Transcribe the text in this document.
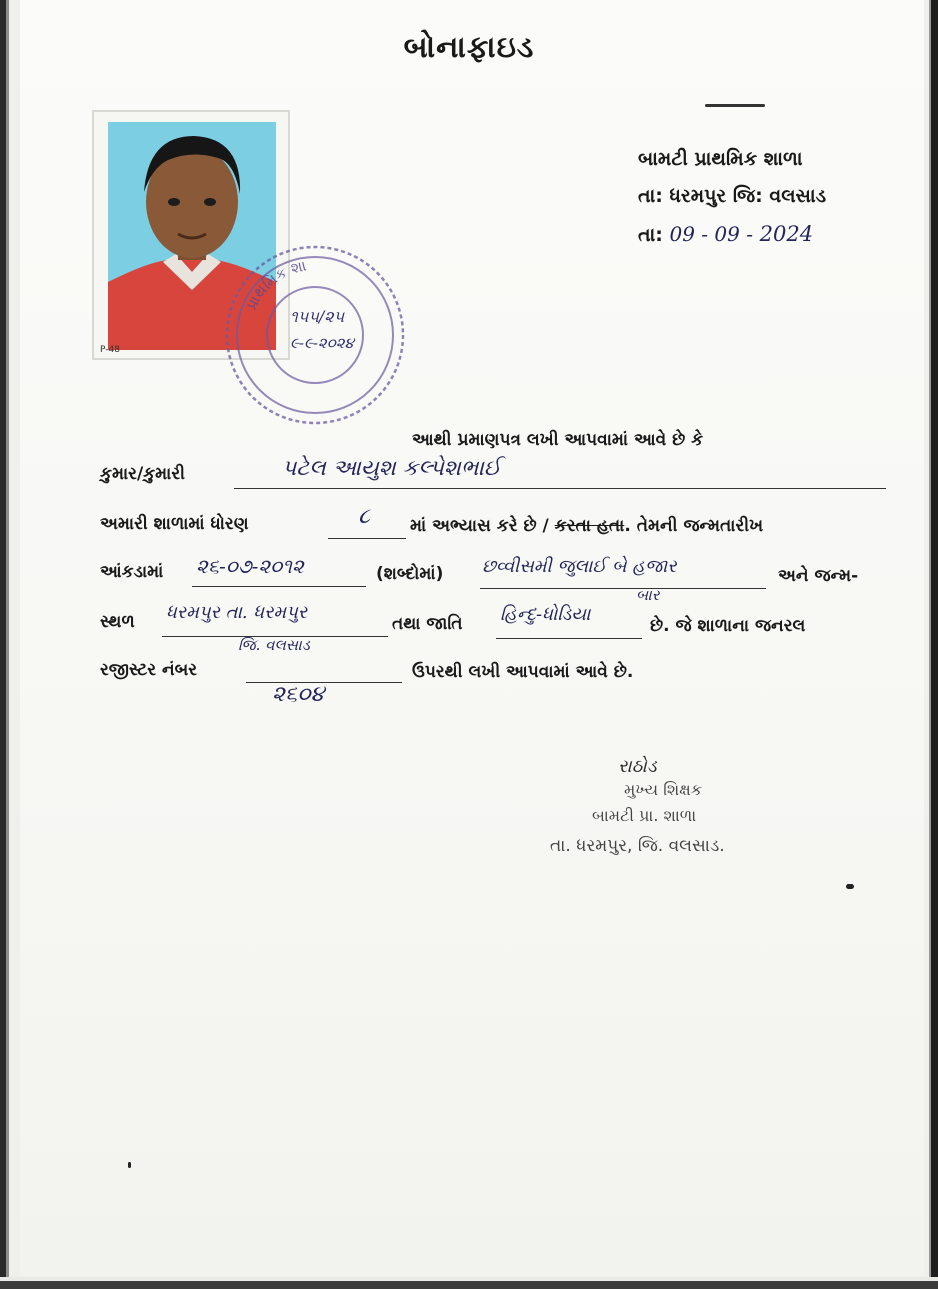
બોનાફાઇડ
બામટી પ્રાથમિક શાળા
તા: ધરમપુર જિ: વલસાડ
તા: 09 - 09 - 2024
P-48
પ્રાથમિક શા
૧૫૫/૨૫
૯-૯-૨૦૨૪
આથી પ્રમાણપત્ર લખી આપવામાં આવે છે કે
કુમાર/કુમારી	પટેલ આયુશ કલ્પેશભાઈ
અમારી શાળામાં ધોરણ	૮ માં અભ્યાસ કરે છે / કરતા હતા. તેમની જન્મતારીખ
આંકડામાં ૨૬-૦૭-૨૦૧૨	(શબ્દોમાં) છવ્વીસમી જુલાઈ બે હજાર
બાર
અને જન્મ-
સ્થળ ધરમપુર તા. ધરમપુર
જિ. વલસાડ
તથા જાતિ હિન્દુ-ધોડિયા
છે. જે શાળાના જનરલ
રજીસ્ટર નંબર
૨૬૦૪
ઉપરથી લખી આપવામાં આવે છે.
રાઠોડ
મુખ્ય શિક્ષક
બામટી પ્રા. શાળા
તા. ધરમપુર, જિ. વલસાડ.
